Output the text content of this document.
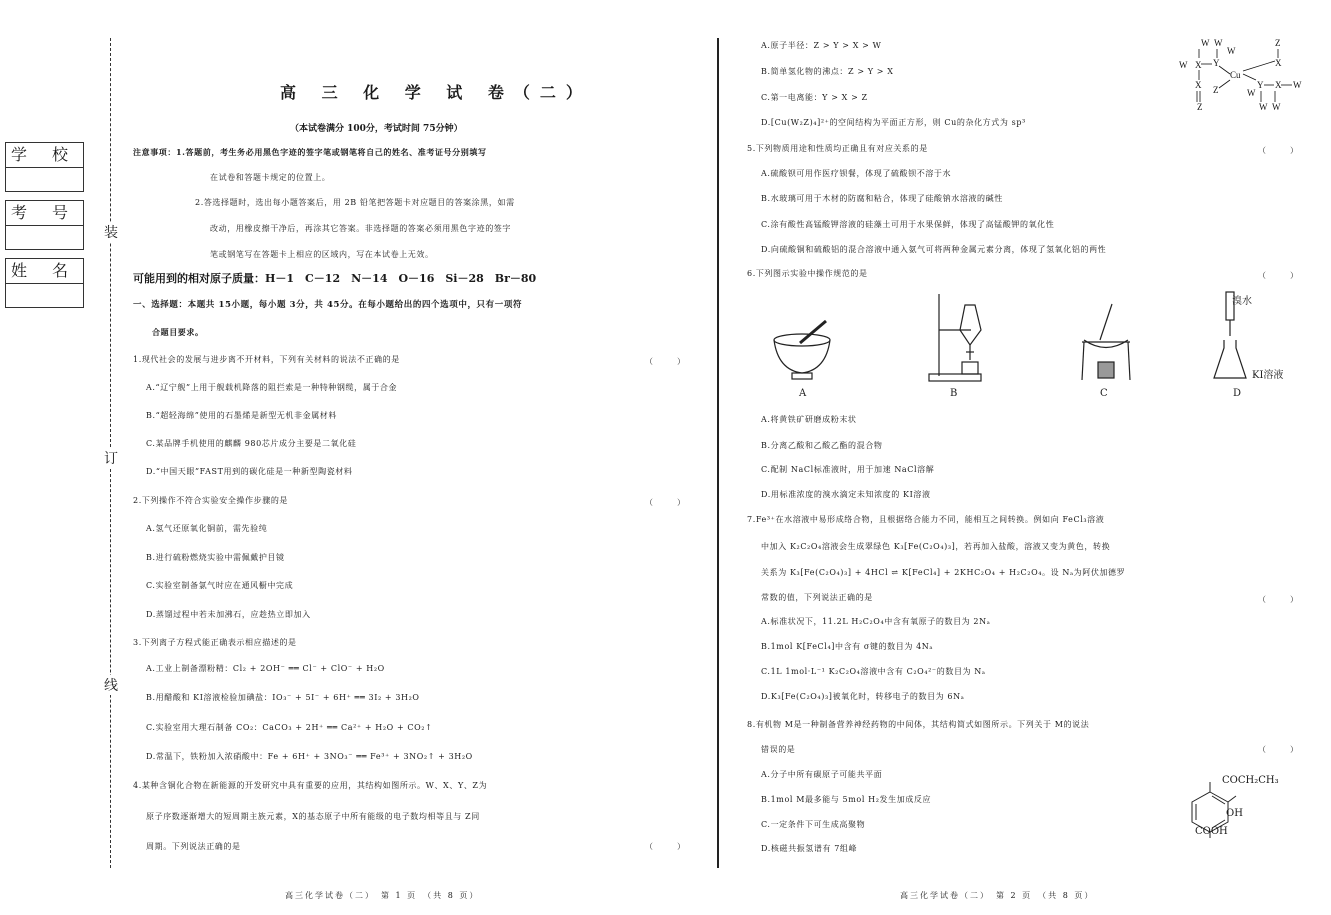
学 校
考 号
姓 名
装
订
线
高 三 化 学 试 卷（二）
（本试卷满分 100分，考试时间 75分钟）
注意事项：1.答题前，考生务必用黑色字迹的签字笔或钢笔将自己的姓名、准考证号分别填写
在试卷和答题卡规定的位置上。
2.答选择题时，选出每小题答案后，用 2B 铅笔把答题卡对应题目的答案涂黑，如需
改动，用橡皮擦干净后，再涂其它答案。非选择题的答案必须用黑色字迹的签字
笔或钢笔写在答题卡上相应的区域内，写在本试卷上无效。
可能用到的相对原子质量：H－1　C－12　N－14　O－16　Si－28　Br－80
一、选择题：本题共 15小题，每小题 3分，共 45分。在每小题给出的四个选项中，只有一项符
合题目要求。
1.现代社会的发展与进步离不开材料，下列有关材料的说法不正确的是	（　　　）
A.“辽宁舰”上用于舰载机降落的阻拦索是一种特种钢缆，属于合金
B.“超轻海绵”使用的石墨烯是新型无机非金属材料
C.某品牌手机使用的麒麟 980芯片成分主要是二氧化硅
D.“中国天眼”FAST用到的碳化硅是一种新型陶瓷材料
2.下列操作不符合实验安全操作步骤的是	（　　　）
A.氢气还原氧化铜前，需先验纯
B.进行硫粉燃烧实验中需佩戴护目镜
C.实验室制备氯气时应在通风橱中完成
D.蒸馏过程中若未加沸石，应趁热立即加入
3.下列离子方程式能正确表示相应描述的是
A.工业上制备漂粉精：Cl₂ + 2OH⁻ ══ Cl⁻ + ClO⁻ + H₂O
B.用醋酸和 KI溶液检验加碘盐：IO₃⁻ + 5I⁻ + 6H⁺ ══ 3I₂ + 3H₂O
C.实验室用大理石制备 CO₂：CaCO₃ + 2H⁺ ══ Ca²⁺ + H₂O + CO₂↑
D.常温下，铁粉加入浓硝酸中：Fe + 6H⁺ + 3NO₃⁻ ══ Fe³⁺ + 3NO₂↑ + 3H₂O
4.某种含铜化合物在新能源的开发研究中具有重要的应用，其结构如图所示。W、X、Y、Z为
原子序数逐渐增大的短周期主族元素，X的基态原子中所有能级的电子数均相等且与 Z同
周期。下列说法正确的是	（　　　）
A.原子半径：Z > Y > X > W
B.简单氢化物的沸点：Z > Y > X
C.第一电离能：Y > X > Z
D.[Cu(W₂Z)₄]²⁺的空间结构为平面正方形，则 Cu的杂化方式为 sp³
W W	Z
W X Y
W
X
Cu
X Z	Y X W
W
Z	W W
5.下列物质用途和性质均正确且有对应关系的是	（　　　）
A.硫酸钡可用作医疗钡餐，体现了硫酸钡不溶于水
B.水玻璃可用于木材的防腐和粘合，体现了硅酸钠水溶液的碱性
C.涂有酸性高锰酸钾溶液的硅藻土可用于水果保鲜，体现了高锰酸钾的氧化性
D.向硫酸铜和硫酸铝的混合溶液中通入氨气可将两种金属元素分离，体现了氢氧化铝的两性
6.下列图示实验中操作规范的是	（　　　）
A	B	C
溴水
KI溶液
D
A.将黄铁矿研磨成粉末状
B.分离乙酸和乙酸乙酯的混合物
C.配制 NaCl标准液时，用于加速 NaCl溶解
D.用标准浓度的溴水滴定未知浓度的 KI溶液
7.Fe³⁺在水溶液中易形成络合物，且根据络合能力不同，能相互之间转换。例如向 FeCl₃溶液
中加入 K₂C₂O₄溶液会生成翠绿色 K₃[Fe(C₂O₄)₃]，若再加入盐酸，溶液又变为黄色，转换
关系为 K₃[Fe(C₂O₄)₃] + 4HCl ⇌ K[FeCl₄] + 2KHC₂O₄ + H₂C₂O₄。设 Nₐ为阿伏加德罗
常数的值，下列说法正确的是	（　　　）
A.标准状况下，11.2L H₂C₂O₄中含有氧原子的数目为 2Nₐ
B.1mol K[FeCl₄]中含有 σ键的数目为 4Nₐ
C.1L 1mol·L⁻¹ K₂C₂O₄溶液中含有 C₂O₄²⁻的数目为 Nₐ
D.K₃[Fe(C₂O₄)₃]被氧化时，转移电子的数目为 6Nₐ
8.有机物 M是一种制备营养神经药物的中间体，其结构简式如图所示。下列关于 M的说法
错误的是	（　　　）
A.分子中所有碳原子可能共平面
B.1mol M最多能与 5mol H₂发生加成反应
C.一定条件下可生成高聚物
D.核磁共振氢谱有 7组峰
COCH₂CH₃
OH
COOH
高三化学试卷（二）　第 1 页　（共 8 页）	高三化学试卷（二）　第 2 页　（共 8 页）
